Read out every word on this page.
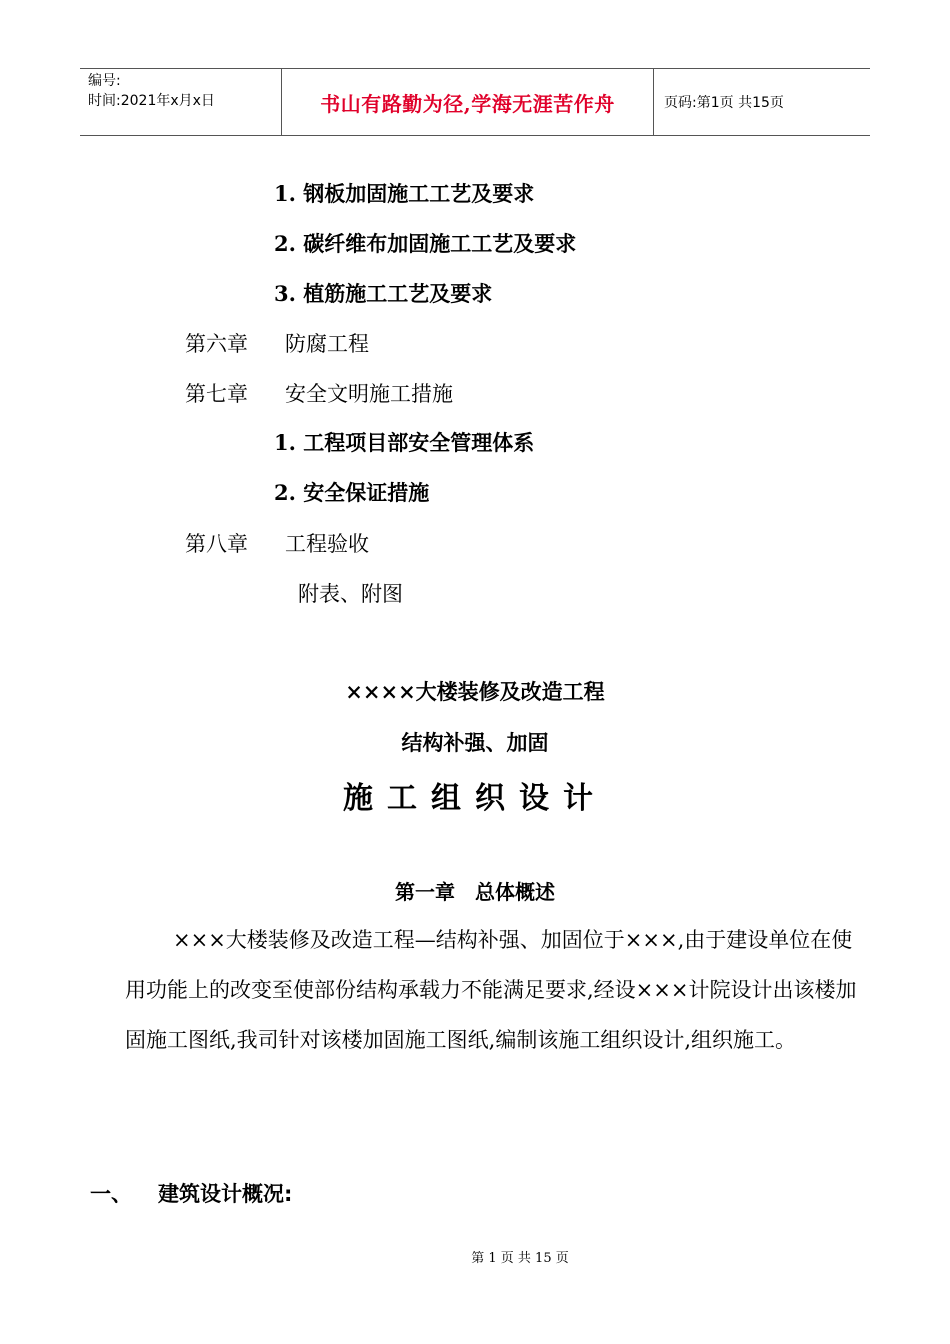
编号:
时间:2021年x月x日	书山有路勤为径,学海无涯苦作舟	页码:第1页 共15页
1. 钢板加固施工工艺及要求
2. 碳纤维布加固施工工艺及要求
3. 植筋施工工艺及要求
第六章 防腐工程
第七章 安全文明施工措施
1. 工程项目部安全管理体系
2. 安全保证措施
第八章 工程验收
附表、附图
××××大楼装修及改造工程
结构补强、加固
施工组织设计
第一章　总体概述
×××大楼装修及改造工程—结构补强、加固位于×××,由于建设单位在使用功能上的改变至使部份结构承载力不能满足要求,经设×××计院设计出该楼加固施工图纸,我司针对该楼加固施工图纸,编制该施工组织设计,组织施工。
一、 建筑设计概况:
第 1 页 共 15 页
